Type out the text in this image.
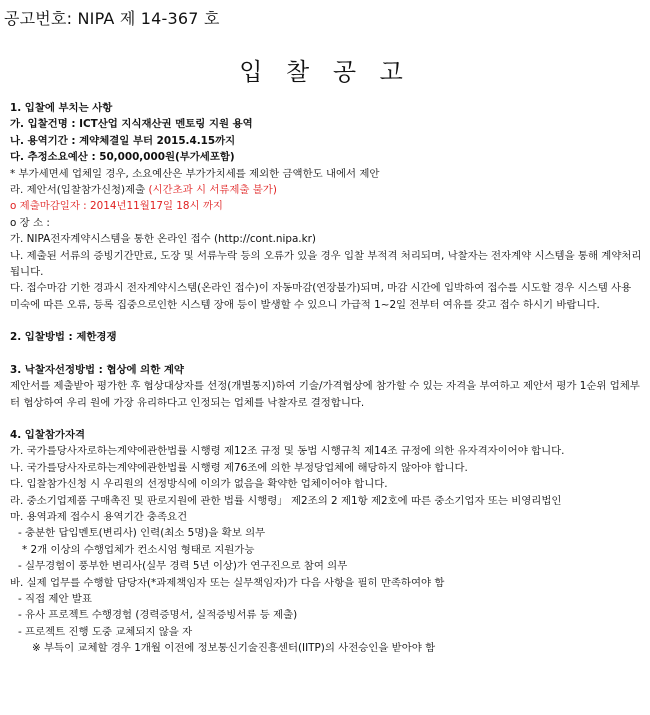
공고번호: NIPA 제 14-367 호
입 찰 공 고
1. 입찰에 부치는 사항
가. 입찰건명 : ICT산업 지식재산권 멘토링 지원 용역
나. 용역기간 : 계약체결일 부터 2015.4.15까지
다. 추정소요예산 : 50,000,000원(부가세포함)
* 부가세면세 업체일 경우, 소요예산은 부가가치세를 제외한 금액한도 내에서 제안
라. 제안서(입찰참가신청)제출 (시간초과 시 서류제출 불가)
o 제출마감일자 : 2014년11월17일 18시 까지
o 장 소 :
가. NIPA전자계약시스템을 통한 온라인 접수 (http://cont.nipa.kr)
나. 제출된 서류의 증빙기간만료, 도장 및 서류누락 등의 오류가 있을 경우 입찰 부적격 처리되며, 낙찰자는 전자계약 시스템을 통해 계약처리 됩니다.
다. 접수마감 기한 경과시 전자계약시스템(온라인 접수)이 자동마감(연장불가)되며, 마감 시간에 입박하여 접수를 시도할 경우 시스템 사용 미숙에 따른 오류, 등록 집중으로인한 시스템 장애 등이 발생할 수 있으니 가급적 1~2일 전부터 여유를 갖고 접수 하시기 바랍니다.
2. 입찰방법 : 제한경쟁
3. 낙찰자선정방법 : 협상에 의한 계약
제안서를 제출받아 평가한 후 협상대상자를 선정(개별통지)하여 기술/가격협상에 참가할 수 있는 자격을 부여하고 제안서 평가 1순위 업체부터 협상하여 우리 원에 가장 유리하다고 인정되는 업체를 낙찰자로 결정합니다.
4. 입찰참가자격
가. 국가를당사자로하는계약에관한법률 시행령 제12조 규정 및 동법 시행규칙 제14조 규정에 의한 유자격자이어야 합니다.
나. 국가를당사자로하는계약에관한법률 시행령 제76조에 의한 부정당업체에 해당하지 않아야 합니다.
다. 입찰참가신청 시 우리원의 선정방식에 이의가 없음을 확약한 업체이어야 합니다.
라. 중소기업제품 구매촉진 및 판로지원에 관한 법률 시행령」 제2조의 2 제1항 제2호에 따른 중소기업자 또는 비영리법인
마. 용역과제 접수시 용역기간 충족요건
- 충분한 답입멘토(변리사) 인력(최소 5명)을 확보 의무
* 2개 이상의 수행업체가 컨소시엄 형태로 지원가능
- 실무경험이 풍부한 변리사(실무 경력 5년 이상)가 연구진으로 참여 의무
바. 실제 업무를 수행할 담당자(*과제책임자 또는 실무책임자)가 다음 사항을 필히 만족하여야 함
- 직접 제안 발표
- 유사 프로젝트 수행경험 (경력증명서, 실적증빙서류 등 제출)
- 프로젝트 진행 도중 교체되지 않을 자
※ 부득이 교체할 경우 1개월 이전에 정보통신기술진흥센터(IITP)의 사전승인을 받아야 함
